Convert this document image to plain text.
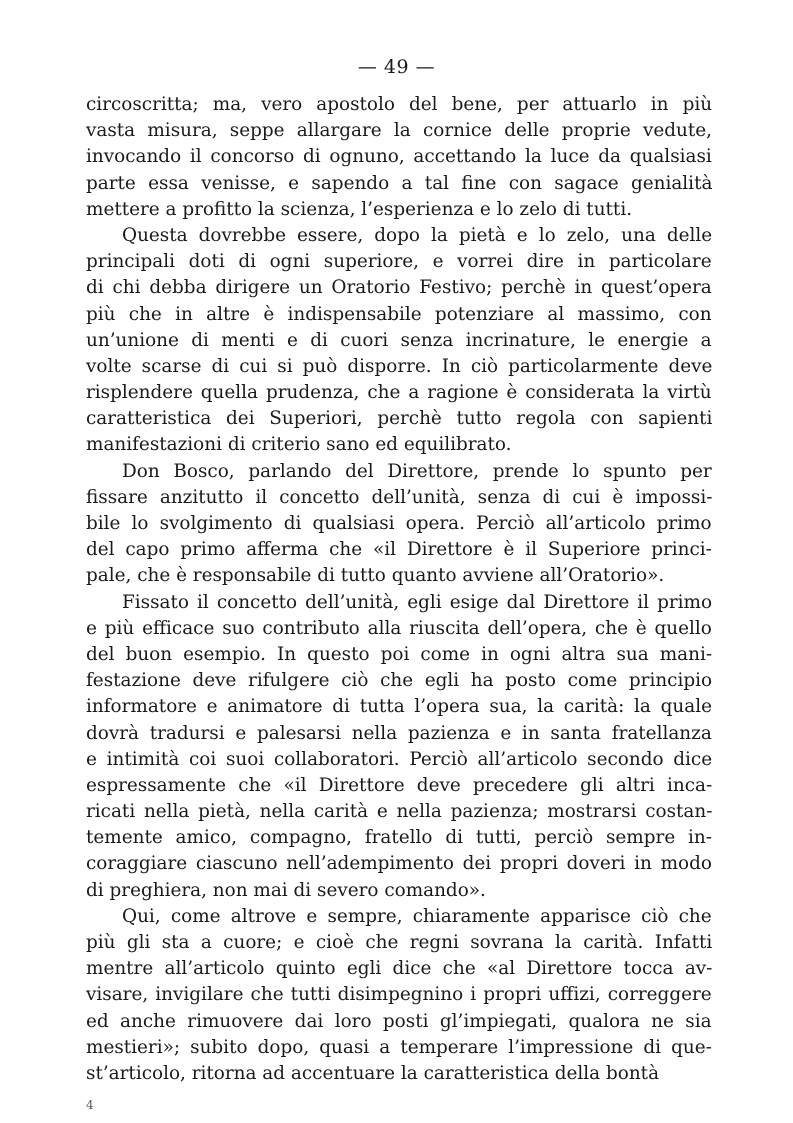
— 49 —
circoscritta; ma, vero apostolo del bene, per attuarlo in più
vasta misura, seppe allargare la cornice delle proprie vedute,
invocando il concorso di ognuno, accettando la luce da qualsiasi
parte essa venisse, e sapendo a tal fine con sagace genialità
mettere a profitto la scienza, l’esperienza e lo zelo di tutti.
Questa dovrebbe essere, dopo la pietà e lo zelo, una delle
principali doti di ogni superiore, e vorrei dire in particolare
di chi debba dirigere un Oratorio Festivo; perchè in quest’opera
più che in altre è indispensabile potenziare al massimo, con
un’unione di menti e di cuori senza incrinature, le energie a
volte scarse di cui si può disporre. In ciò particolarmente deve
risplendere quella prudenza, che a ragione è considerata la virtù
caratteristica dei Superiori, perchè tutto regola con sapienti
manifestazioni di criterio sano ed equilibrato.
Don Bosco, parlando del Direttore, prende lo spunto per
fissare anzitutto il concetto dell’unità, senza di cui è impossi-
bile lo svolgimento di qualsiasi opera. Perciò all’articolo primo
del capo primo afferma che «il Direttore è il Superiore princi-
pale, che è responsabile di tutto quanto avviene all’Oratorio».
Fissato il concetto dell’unità, egli esige dal Direttore il primo
e più efficace suo contributo alla riuscita dell’opera, che è quello
del buon esempio. In questo poi come in ogni altra sua mani-
festazione deve rifulgere ciò che egli ha posto come principio
informatore e animatore di tutta l’opera sua, la carità: la quale
dovrà tradursi e palesarsi nella pazienza e in santa fratellanza
e intimità coi suoi collaboratori. Perciò all’articolo secondo dice
espressamente che «il Direttore deve precedere gli altri inca-
ricati nella pietà, nella carità e nella pazienza; mostrarsi costan-
temente amico, compagno, fratello di tutti, perciò sempre in-
coraggiare ciascuno nell’adempimento dei propri doveri in modo
di preghiera, non mai di severo comando».
Qui, come altrove e sempre, chiaramente apparisce ciò che
più gli sta a cuore; e cioè che regni sovrana la carità. Infatti
mentre all’articolo quinto egli dice che «al Direttore tocca av-
visare, invigilare che tutti disimpegnino i propri uffizi, correggere
ed anche rimuovere dai loro posti gl’impiegati, qualora ne sia
mestieri»; subito dopo, quasi a temperare l’impressione di que-
st’articolo, ritorna ad accentuare la caratteristica della bontà
4
